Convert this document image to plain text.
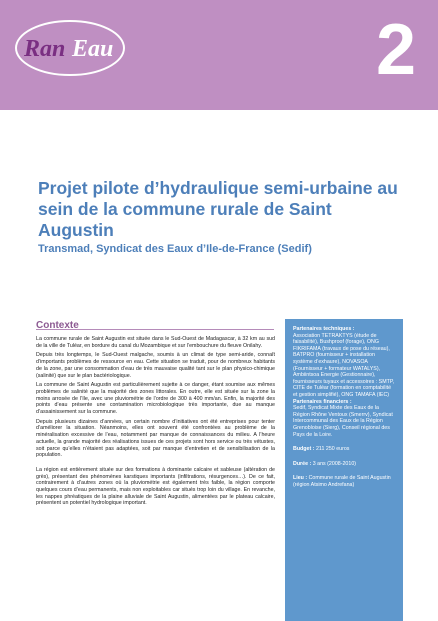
Ran Eau	2
Projet pilote d’hydraulique semi-urbaine au sein de la commune rurale de Saint Augustin
Transmad, Syndicat des Eaux d’Ile-de-France (Sedif)
Contexte

La commune rurale de Saint Augustin est située dans le Sud-Ouest de Madagascar, à 32 km au sud de la ville de Tuléar, en bordure du canal du Mozambique et sur l’embouchure du fleuve Onilahy.

Depuis très longtemps, le Sud-Ouest malgache, soumis à un climat de type semi-aride, connaît d’importants problèmes de ressource en eau. Cette situation se traduit, pour de nombreux habitants de la zone, par une consommation d’eau de très mauvaise qualité tant sur le plan physico-chimique (salinité) que sur le plan bactériologique.

La commune de Saint Augustin est particulièrement sujette à ce danger, étant soumise aux mêmes problèmes de salinité que la majorité des zones littorales. En outre, elle est située sur la zone la moins arrosée de l’Ile, avec une pluviométrie de l’ordre de 300 à 400 mm/an. Enfin, la majorité des points d’eau présente une contamination microbiologique très importante, due au manque d’assainissement sur la commune.

Depuis plusieurs dizaines d’années, un certain nombre d’initiatives ont été entreprises pour tenter d’améliorer la situation. Néanmoins, elles ont souvent été confrontées au problème de la minéralisation excessive de l’eau, notamment par manque de connaissances du milieu. A l’heure actuelle, la grande majorité des réalisations issues de ces projets sont hors service ou très vétustes, soit parce qu’elles n’étaient pas adaptées, soit par manque d’entretien et de sensibilisation de la population.

La région est entièrement située sur des formations à dominante calcaire et sableuse (altération de grès), présentant des phénomènes karstiques importants (infiltrations, résurgences…). De ce fait, contrairement à d’autres zones où la pluviométrie est également très faible, la région comporte quelques cours d’eau permanents, mais non exploitables car situés trop loin du village. En revanche, les nappes phréatiques de la plaine alluviale de Saint Augustin, alimentées par le plateau calcaire, présentent un potentiel hydrologique important.

Partenaires techniques :

Association TETRAKTYS (étude de faisabilité), Bushproof (forage), ONG FIKRIFAMA (travaux de pose du réseau), BATPRO (fournisseur + installation système d’exhaure), NOVASOA (Fournisseur + formateur WATALYS), Ambiintsoa Energie (Gestionnaire), fournisseurs tuyaux et accessoires : SMTP, CITE de Tuléar (formation en comptabilité et gestion simplifié), ONG TAMAFA (IEC)

Partenaires financiers :

Sedif, Syndicat Mixte des Eaux de la Région Rhône Ventoux (Smerrv), Syndicat Intercommunal des Eaux de la Région Grenobloise (Sierg), Conseil régional des Pays de la Loire.

Budget : 211 250 euros

Durée : 3 ans (2008-2010)

Lieu : Commune rurale de Saint Augustin (région Atsimo Andrefana)
